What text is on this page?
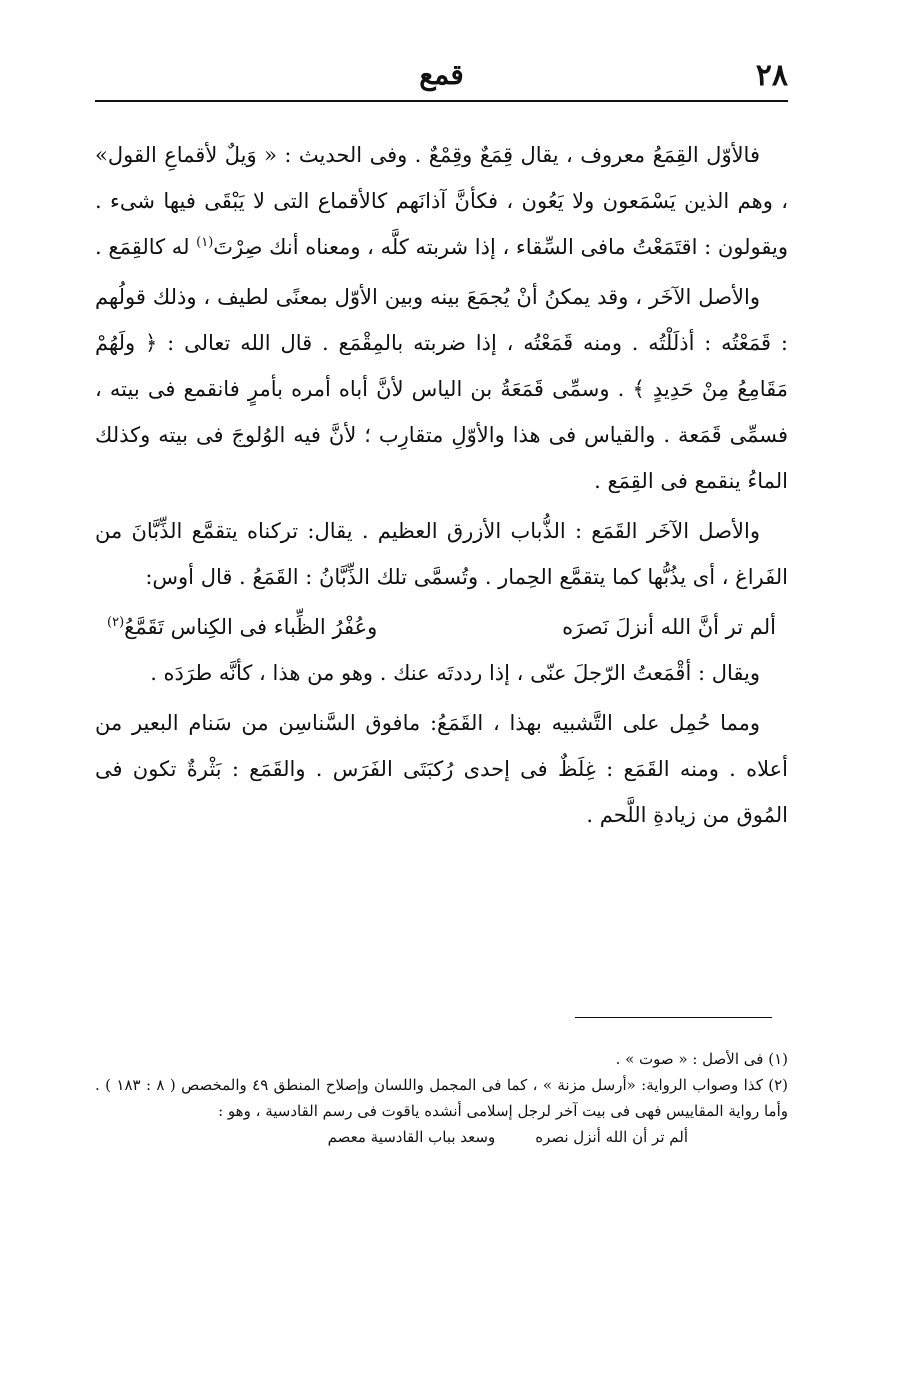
٢٨
قمع

فالأوّل القِمَعُ معروف ، يقال قِمَعٌ وقِمْعٌ . وفى الحديث : « وَيلٌ لأقماعِ القول» ، وهم الذين يَسْمَعون ولا يَعُون ، فكأنَّ آذانَهم كالأقماع التى لا يَبْقَى فيها شىء . ويقولون : اقتَمَعْتُ مافى السِّقاء ، إذا شربته كلَّه ، ومعناه أنك صِرْتَ$^{(١)}$ له كالقِمَع .

والأصل الآخَر ، وقد يمكنُ أنْ يُجمَعَ بينه وبين الأوّل بمعنًى لطيف ، وذلك قولُهم : قَمَعْتُه : أذلَلْتُه . ومنه قَمَعْتُه ، إذا ضربته بالمِقْمَع . قال الله تعالى : ﴿ ولَهُمْ مَقَامِعُ مِنْ حَدِيدٍ ﴾ . وسمِّى قَمَعَةُ بن الياس لأنَّ أباه أمره بأمرٍ فانقمع فى بيته ، فسمِّى قَمَعة . والقياس فى هذا والأوّلِ متقارِب ؛ لأنَّ فيه الوُلوجَ فى بيته وكذلك الماءُ ينقمع فى القِمَع .

والأصل الآخَر القَمَع : الذُّباب الأزرق العظيم . يقال: تركناه يتقمَّع الذِّبَّانَ من الفَراغ ، أى يذُبُّها كما يتقمَّع الحِمار . وتُسمَّى تلك الذِّبَّانُ : القَمَعُ . قال أوس:

ألم تر أنَّ الله أنزلَ نَصرَه
وعُفْرُ الظِّباء فى الكِناس تَقَمَّعُ$^{(٢)}$

ويقال : أقْمَعتُ الرّجلَ عنّى ، إذا رددتَه عنك . وهو من هذا ، كأنَّه طرَدَه .

ومما حُمِل على التَّشبيه بهذا ، القَمَعُ: مافوق السَّناسِن من سَنام البعير من أعلاه . ومنه القَمَع : غِلَظٌ فى إحدى رُكبَتَى الفَرَس . والقَمَع : بَثْرةٌ تكون فى المُوق من زيادةِ اللَّحم .

(١) فى الأصل : « صوت » .

(٢) كذا وصواب الرواية: «أرسل مزنة » ، كما فى المجمل واللسان وإصلاح المنطق ٤٩ والمخصص ( ٨ : ١٨٣ ) . وأما رواية المقاييس فهى فى بيت آخر لرجل إسلامى أنشده ياقوت فى رسم القادسية ، وهو :

ألم تر أن الله أنزل نصره
وسعد بباب القادسية معصم
